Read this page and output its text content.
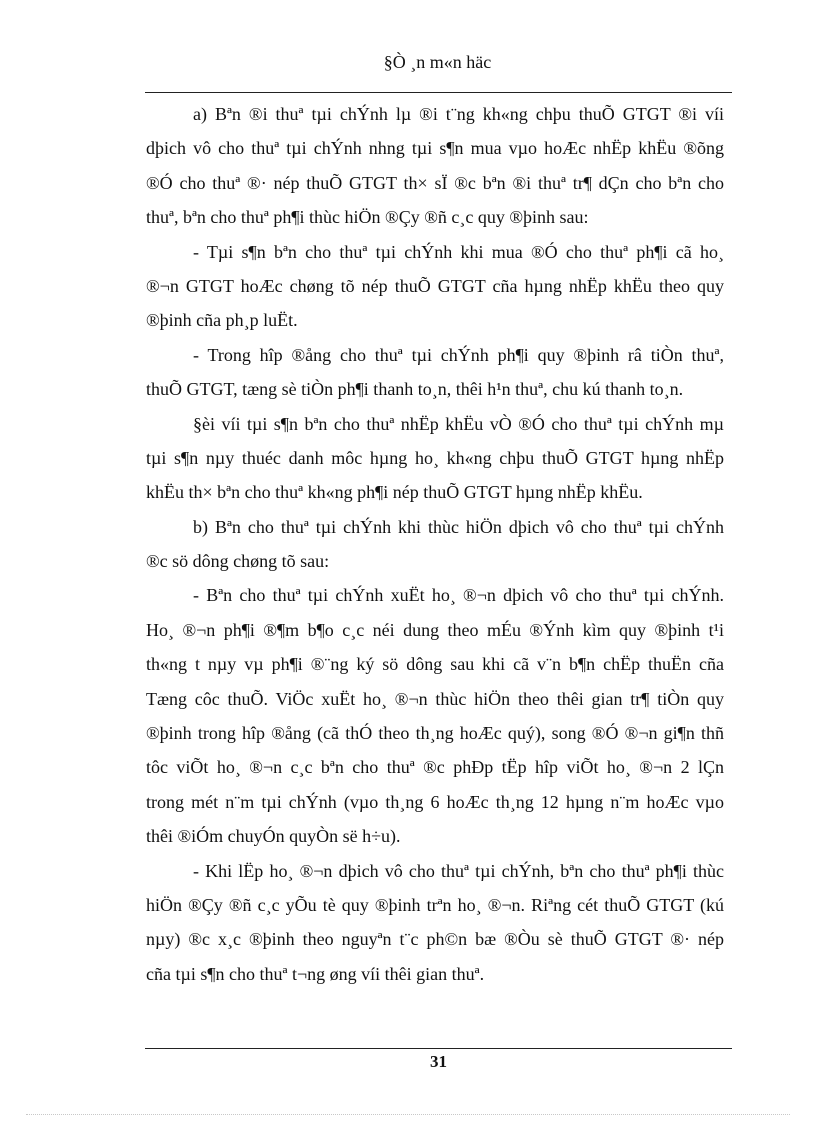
§Ò ¸n m«n häc
a) Bªn ®i thuª tµi chÝnh lµ ®i t¨ng kh«ng chþu thuÕ GTGT ®i víi
dþich vô cho thuª tµi chÝnh nhng tµi s¶n mua vµo hoÆc nhËp khËu ®õng
®Ó cho thuª ®· nép thuÕ GTGT th× sÏ ®c bªn ®i thuª tr¶ dÇn cho bªn cho
thuª, bªn cho thuª ph¶i thùc hiÖn ®Çy ®ñ c¸c quy ®þinh sau:
- Tµi s¶n bªn cho thuª tµi chÝnh khi mua ®Ó cho thuª ph¶i cã ho¸
®¬n GTGT hoÆc chøng tõ nép thuÕ GTGT cña hµng nhËp khËu theo quy
®þinh cña ph¸p luËt.
- Trong hîp ®ång cho thuª tµi chÝnh ph¶i quy ®þinh râ tiÒn thuª,
thuÕ GTGT, tæng sè tiÒn ph¶i thanh to¸n, thêi h¹n thuª, chu kú thanh to¸n.
§èi víi tµi s¶n bªn cho thuª nhËp khËu vÒ ®Ó cho thuª tµi chÝnh mµ
tµi s¶n nµy thuéc danh môc hµng ho¸ kh«ng chþu thuÕ GTGT hµng nhËp
khËu th× bªn cho thuª kh«ng ph¶i nép thuÕ GTGT hµng nhËp khËu.
b) Bªn cho thuª tµi chÝnh khi thùc hiÖn dþich vô cho thuª tµi chÝnh
®c sö dông chøng tõ sau:
- Bªn cho thuª tµi chÝnh xuËt ho¸ ®¬n dþich vô cho thuª tµi chÝnh.
Ho¸ ®¬n ph¶i ®¶m b¶o c¸c néi dung theo mÉu ®Ýnh kìm quy ®þinh t¹i
th«ng t nµy vµ ph¶i ®¨ng ký sö dông sau khi cã v¨n b¶n chËp thuËn cña
Tæng côc thuÕ. ViÖc xuËt ho¸ ®¬n thùc hiÖn theo thêi gian tr¶ tiÒn quy
®þinh trong hîp ®ång (cã thÓ theo th¸ng hoÆc quý), song ®Ó ®¬n gi¶n thñ
tôc viÕt ho¸ ®¬n c¸c bªn cho thuª ®c phÐp tËp hîp viÕt ho¸ ®¬n 2 lÇn
trong mét n¨m tµi chÝnh (vµo th¸ng 6 hoÆc th¸ng 12 hµng n¨m hoÆc vµo
thêi ®iÓm chuyÓn quyÒn së h÷u).
- Khi lËp ho¸ ®¬n dþich vô cho thuª tµi chÝnh, bªn cho thuª ph¶i thùc
hiÖn ®Çy ®ñ c¸c yÕu tè quy ®þinh trªn ho¸ ®¬n. Riªng cét thuÕ GTGT (kú
nµy) ®c x¸c ®þinh theo nguyªn t¨c ph©n bæ ®Òu sè thuÕ GTGT ®· nép
cña tµi s¶n cho thuª t¬ng øng víi thêi gian thuª.
31
